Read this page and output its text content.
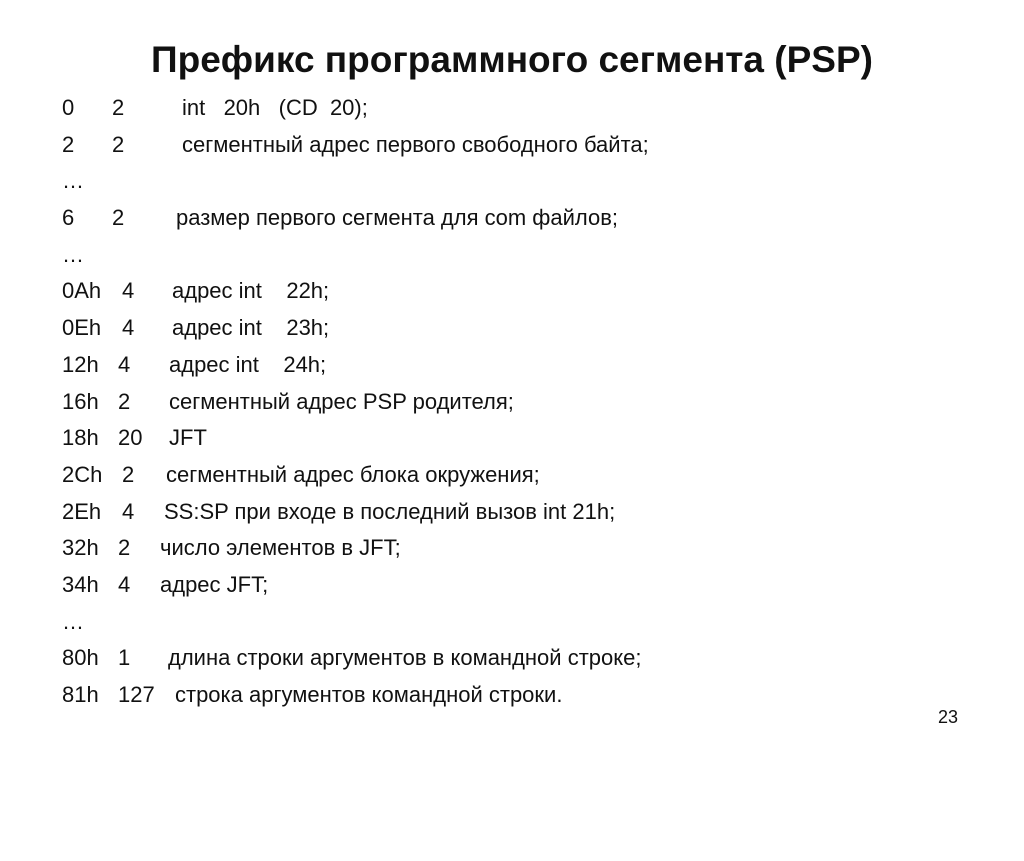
Префикс программного сегмента (PSP)

0

2

	int   20h   (CD  20);

2

2

	сегментный адрес первого свободного байта;

…

6

2

размер первого сегмента для com файлов;

…

0Ah

4

адрес int    22h;

0Eh

4

адрес int    23h;

12h

4

адрес int    24h;

16h

2

сегментный адрес PSP родителя;

18h

20

JFT

2Ch

2

сегментный адрес блока окружения;

2Eh

4

SS:SP при входе в последний вызов int 21h;

32h

2

число элементов в JFT;

34h

4

адрес JFT;

…

80h

1

длина строки аргументов в командной строке;

81h

127

строка аргументов командной строки.

23
